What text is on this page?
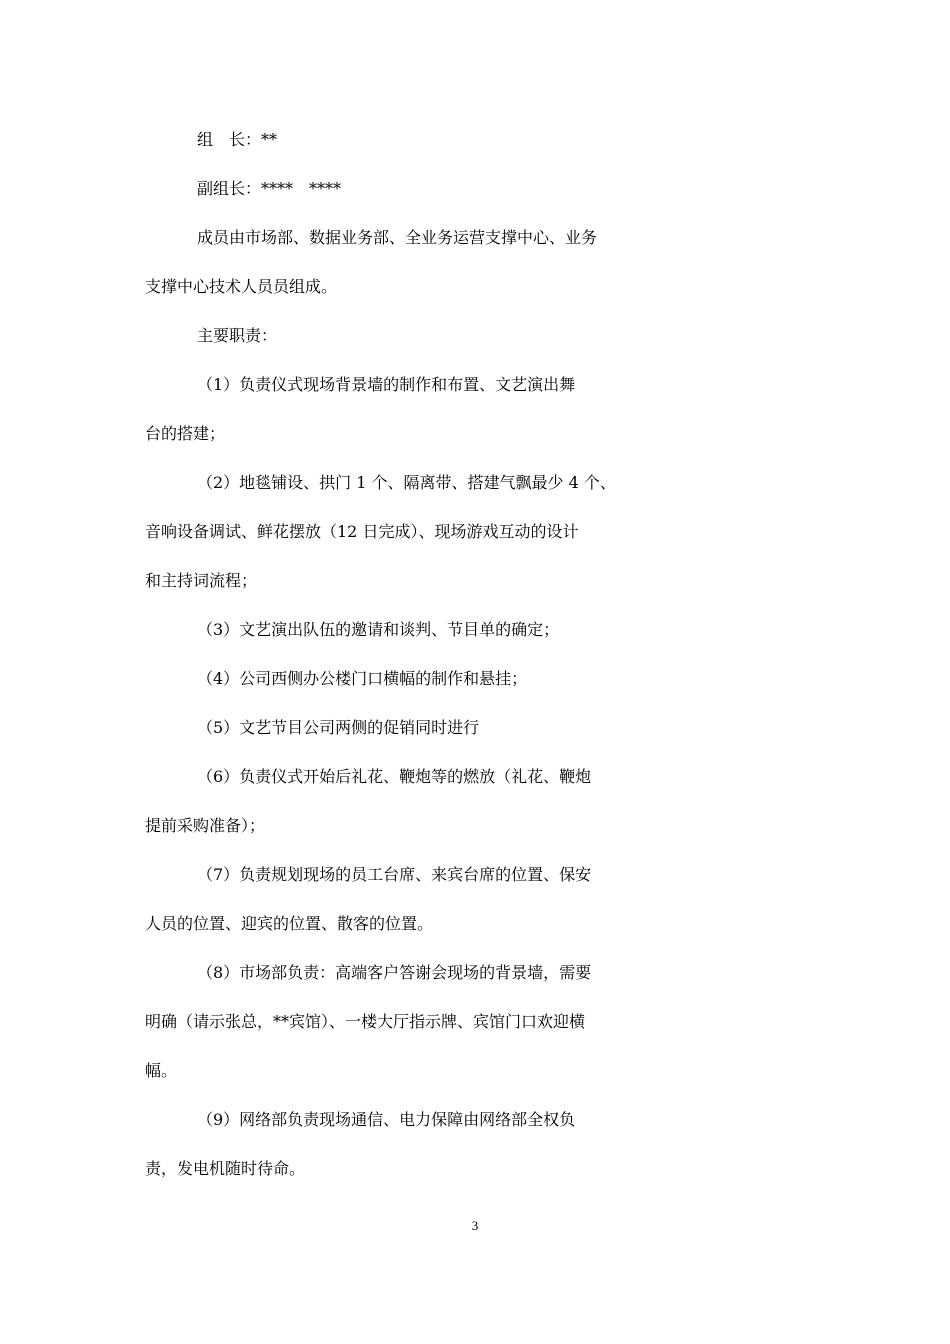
组　长：**
副组长：****　****
成员由市场部、数据业务部、全业务运营支撑中心、业务
支撑中心技术人员员组成。
主要职责：
（1）负责仪式现场背景墙的制作和布置、文艺演出舞
台的搭建；
（2）地毯铺设、拱门 1 个、隔离带、搭建气飘最少 4 个、
音响设备调试、鲜花摆放（12 日完成）、现场游戏互动的设计
和主持词流程；
（3）文艺演出队伍的邀请和谈判、节目单的确定；
（4）公司西侧办公楼门口横幅的制作和悬挂；
（5）文艺节目公司两侧的促销同时进行
（6）负责仪式开始后礼花、鞭炮等的燃放（礼花、鞭炮
提前采购准备）；
（7）负责规划现场的员工台席、来宾台席的位置、保安
人员的位置、迎宾的位置、散客的位置。
（8）市场部负责：高端客户答谢会现场的背景墙，需要
明确（请示张总，**宾馆）、一楼大厅指示牌、宾馆门口欢迎横
幅。
（9）网络部负责现场通信、电力保障由网络部全权负
责，发电机随时待命。
3
